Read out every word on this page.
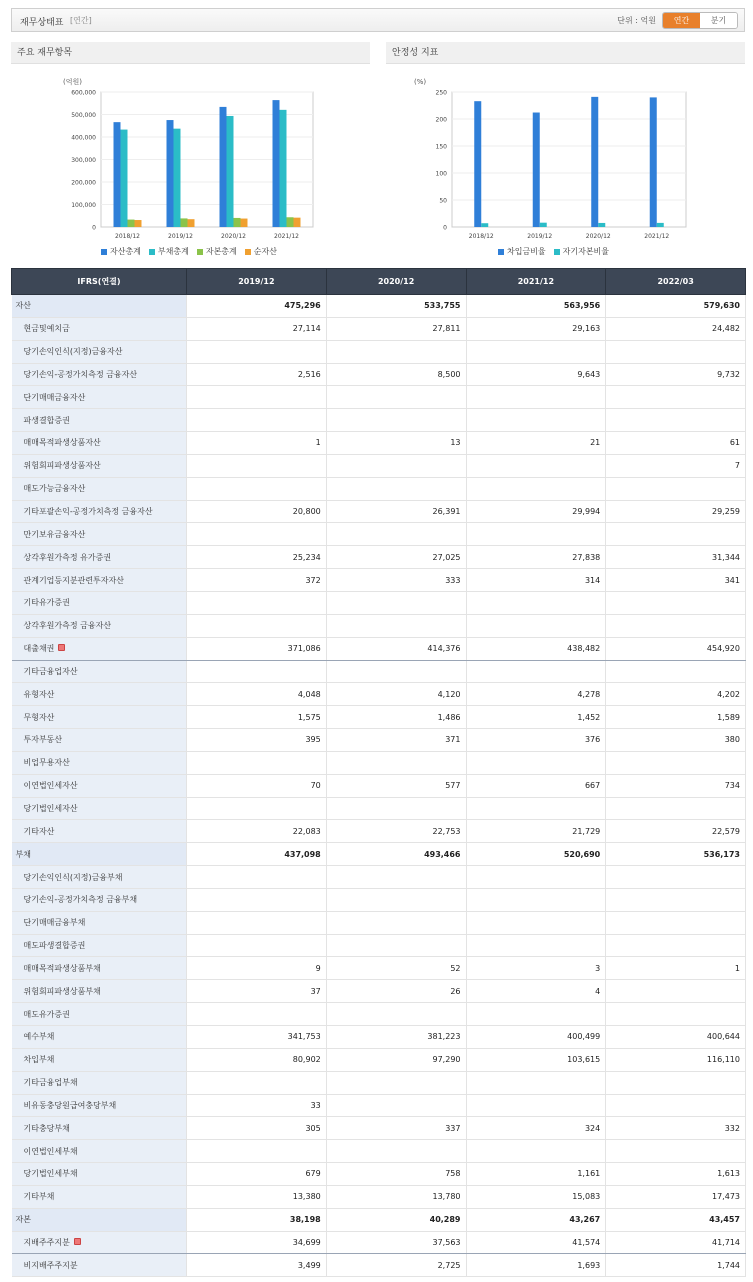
재무상태표 [연간]	단위 : 억원	연간	분기
주요 재무항목
(억원)
0
100,000
200,000
300,000
400,000
500,000
600,000
2018/12	2019/12	2020/12	2021/12
자산총계 부채총계 자본총계 순자산
안정성 지표
(%)
0
50
100
150
200
250
2018/12	2019/12	2020/12	2021/12
차입금비율 자기자본비율
IFRS(연결)	2019/12	2020/12	2021/12	2022/03
자산	475,296	533,755	563,956	579,630
현금및예치금	27,114	27,811	29,163	24,482
당기손익인식(지정)금융자산				
당기손익-공정가치측정 금융자산	2,516	8,500	9,643	9,732
단기매매금융자산				
파생결합증권				
매매목적파생상품자산	1	13	21	61
위험회피파생상품자산				7
매도가능금융자산				
기타포괄손익-공정가치측정 금융자산	20,800	26,391	29,994	29,259
만기보유금융자산				
상각후원가측정 유가증권	25,234	27,025	27,838	31,344
관계기업등지분관련투자자산	372	333	314	341
기타유가증권				
상각후원가측정 금융자산				
대출채권	371,086	414,376	438,482	454,920
기타금융업자산				
유형자산	4,048	4,120	4,278	4,202
무형자산	1,575	1,486	1,452	1,589
투자부동산	395	371	376	380
비업무용자산				
이연법인세자산	70	577	667	734
당기법인세자산				
기타자산	22,083	22,753	21,729	22,579
부채	437,098	493,466	520,690	536,173
당기손익인식(지정)금융부채				
당기손익-공정가치측정 금융부채				
단기매매금융부채				
매도파생결합증권				
매매목적파생상품부채	9	52	3	1
위험회피파생상품부채	37	26	4	
매도유가증권				
예수부채	341,753	381,223	400,499	400,644
차입부채	80,902	97,290	103,615	116,110
기타금융업부채				
비유동충당원급여충당부채	33			
기타충당부채	305	337	324	332
이연법인세부채				
당기법인세부채	679	758	1,161	1,613
기타부채	13,380	13,780	15,083	17,473
자본	38,198	40,289	43,267	43,457
지배주주지분	34,699	37,563	41,574	41,714
비지배주주지분	3,499	2,725	1,693	1,744
